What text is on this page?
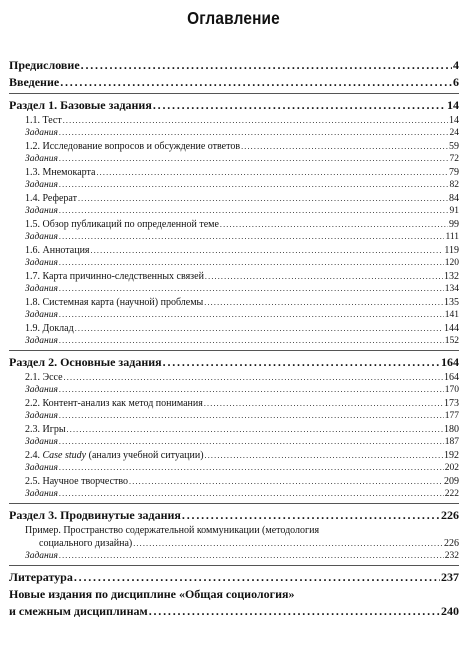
Оглавление
Предисловие . . .	4
Введение . . .	6
Раздел 1. Базовые задания . . .	14
1.1. Тест . . .	14
Задания . . .	24
1.2. Исследование вопросов и обсуждение ответов . . .	59
Задания . . .	72
1.3. Мнемокарта . . .	79
Задания . . .	82
1.4. Реферат . . .	84
Задания . . .	91
1.5. Обзор публикаций по определенной теме . . .	99
Задания . . .	111
1.6. Аннотация . . .	119
Задания . . .	120
1.7. Карта причинно-следственных связей . . .	132
Задания . . .	134
1.8. Системная карта (научной) проблемы . . .	135
Задания . . .	141
1.9. Доклад . . .	144
Задания . . .	152
Раздел 2. Основные задания . . .	164
2.1. Эссе . . .	164
Задания . . .	170
2.2. Контент-анализ как метод понимания . . .	173
Задания . . .	177
2.3. Игры . . .	180
Задания . . .	187
2.4. Case study (анализ учебной ситуации) . . .	192
Задания . . .	202
2.5. Научное творчество . . .	209
Задания . . .	222
Раздел 3. Продвинутые задания . . .	226
Пример. Пространство содержательной коммуникации (методология
социального дизайна) . . .	226
Задания . . .	232
Литература . . .	237
Новые издания по дисциплине «Общая социология»
и смежным дисциплинам . . .	240
